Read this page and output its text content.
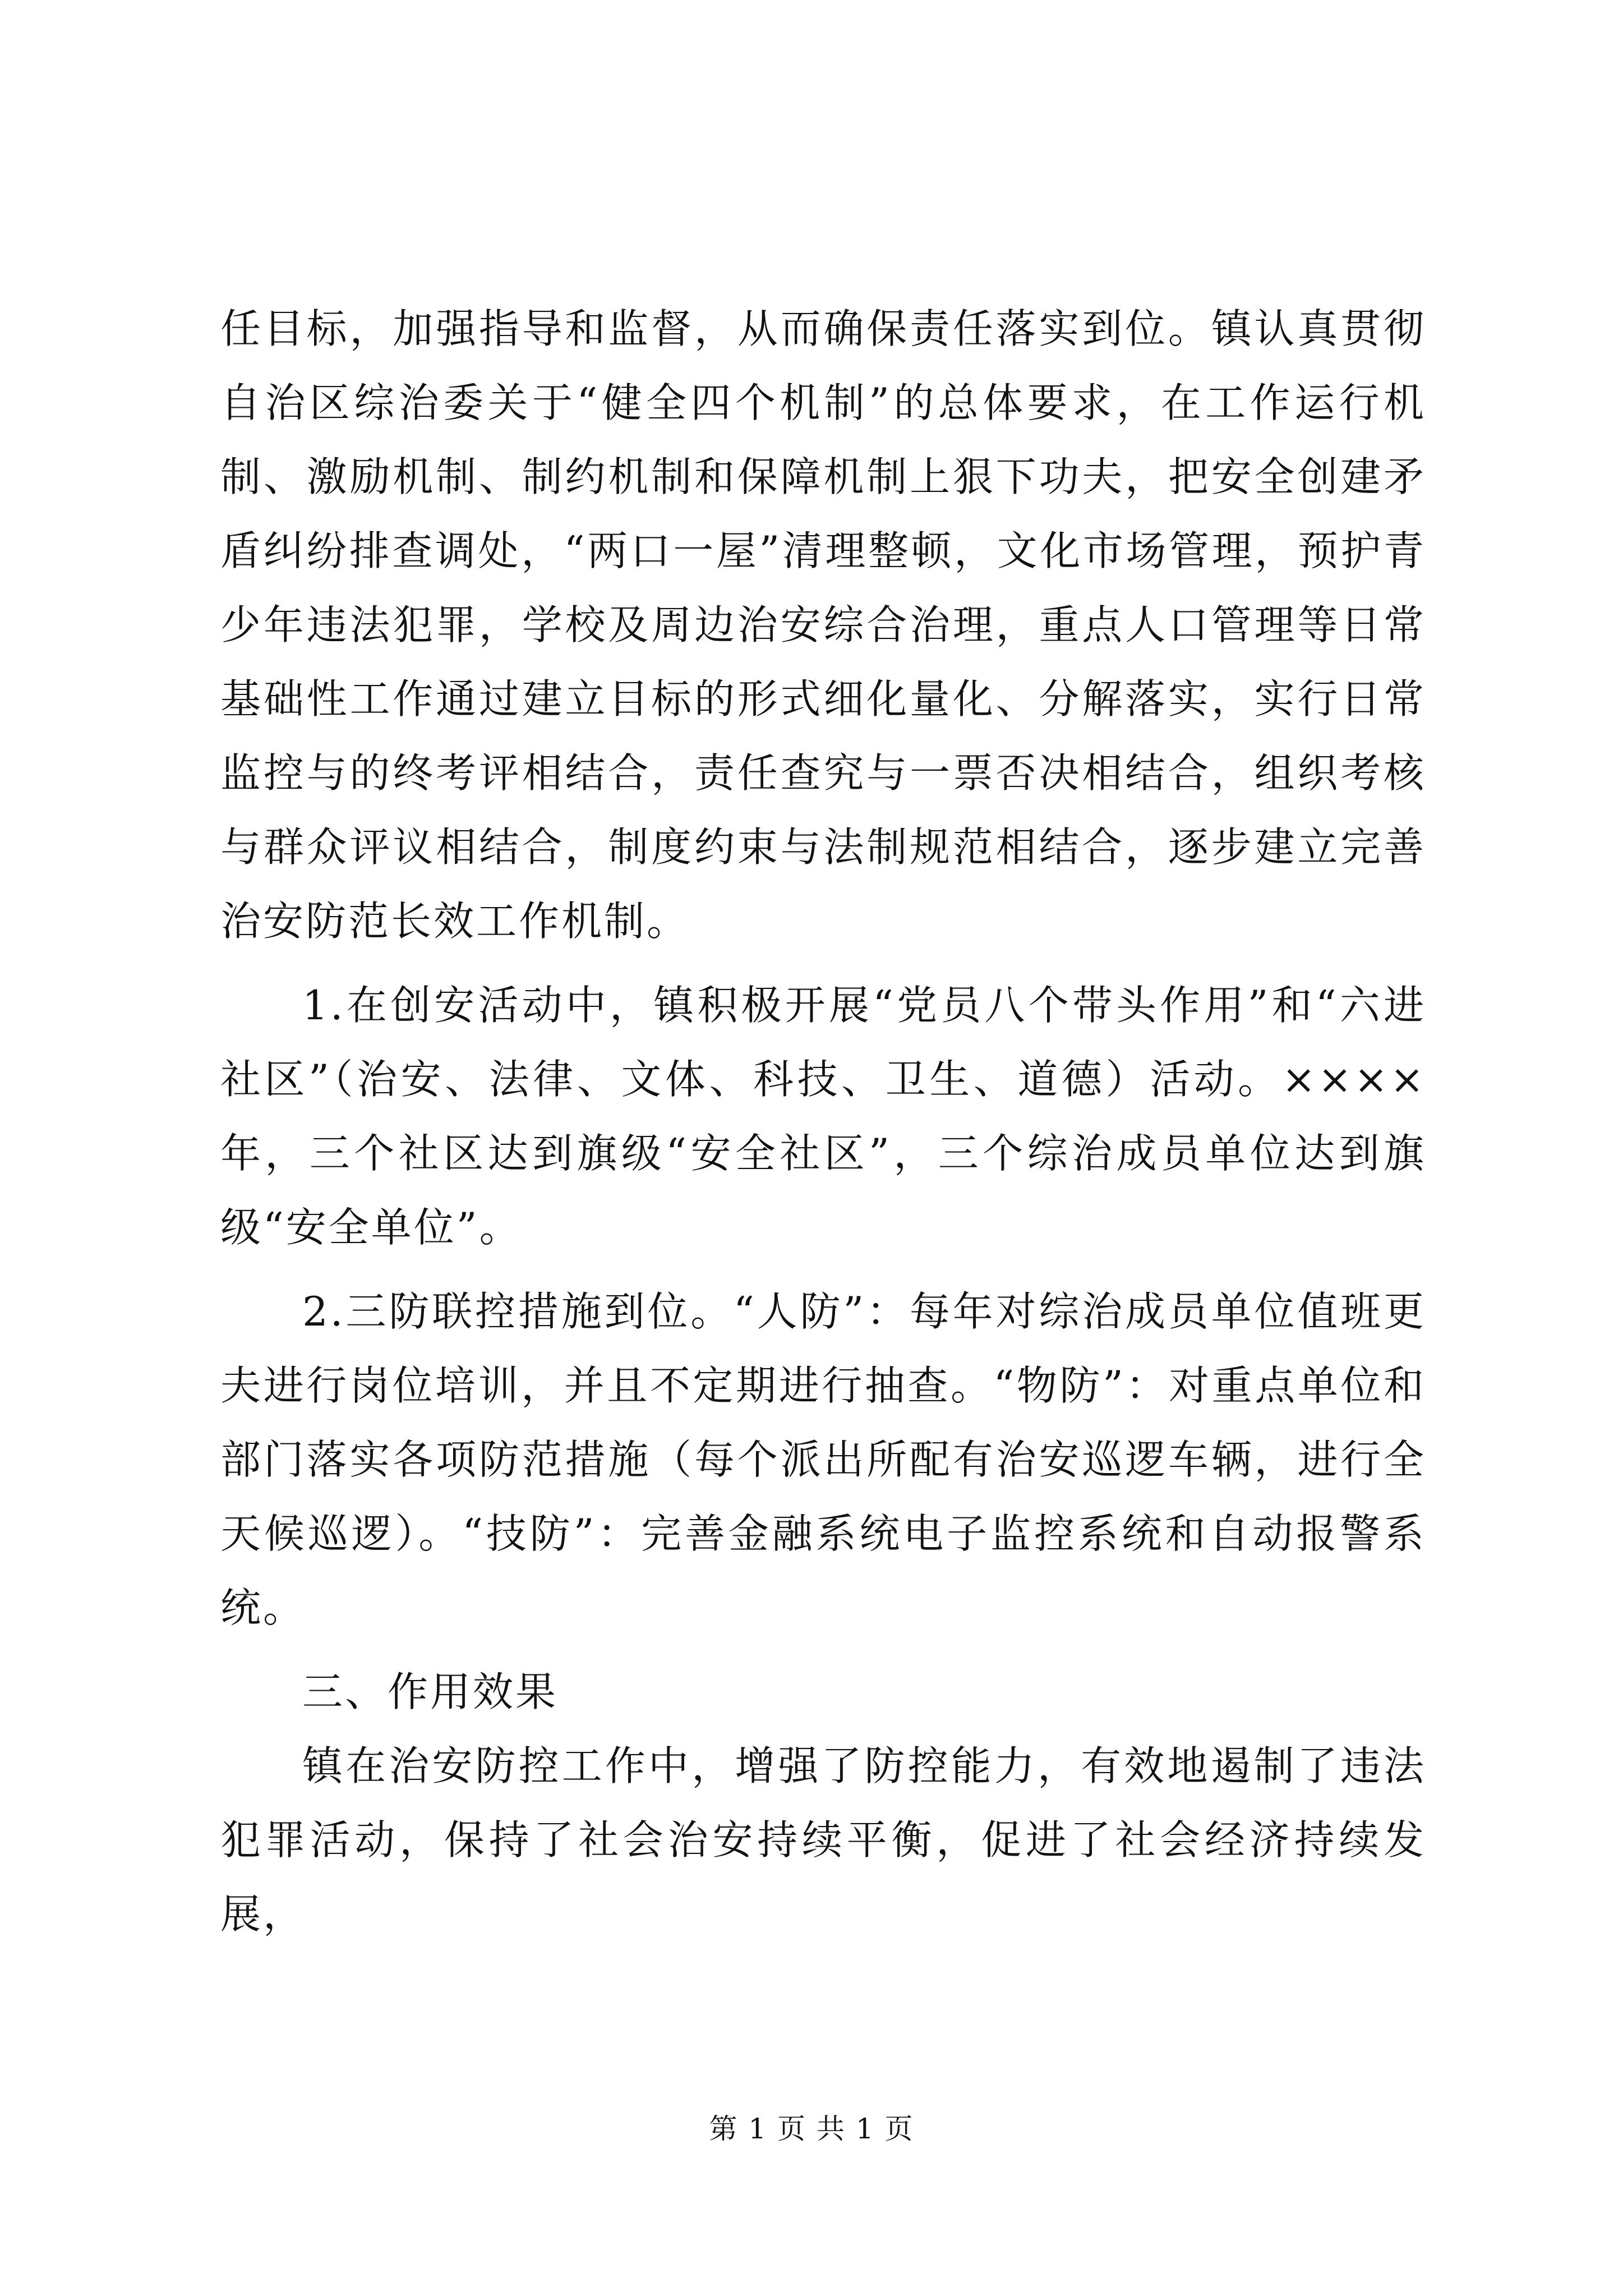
任目标，加强指导和监督，从而确保责任落实到位。镇认真贯彻自治区综治委关于“健全四个机制”的总体要求，在工作运行机制、激励机制、制约机制和保障机制上狠下功夫，把安全创建矛盾纠纷排查调处，“两口一屋”清理整顿，文化市场管理，预护青少年违法犯罪，学校及周边治安综合治理，重点人口管理等日常基础性工作通过建立目标的形式细化量化、分解落实，实行日常监控与的终考评相结合，责任查究与一票否决相结合，组织考核与群众评议相结合，制度约束与法制规范相结合，逐步建立完善治安防范长效工作机制。

1.在创安活动中，镇积极开展“党员八个带头作用”和“六进社区”（治安、法律、文体、科技、卫生、道德）活动。××××年，三个社区达到旗级“安全社区”，三个综治成员单位达到旗级“安全单位”。

2.三防联控措施到位。“人防”：每年对综治成员单位值班更夫进行岗位培训，并且不定期进行抽查。“物防”：对重点单位和部门落实各项防范措施（每个派出所配有治安巡逻车辆，进行全天候巡逻）。“技防”：完善金融系统电子监控系统和自动报警系统。

三、作用效果

镇在治安防控工作中，增强了防控能力，有效地遏制了违法犯罪活动，保持了社会治安持续平衡，促进了社会经济持续发展，

第 1 页 共 1 页
